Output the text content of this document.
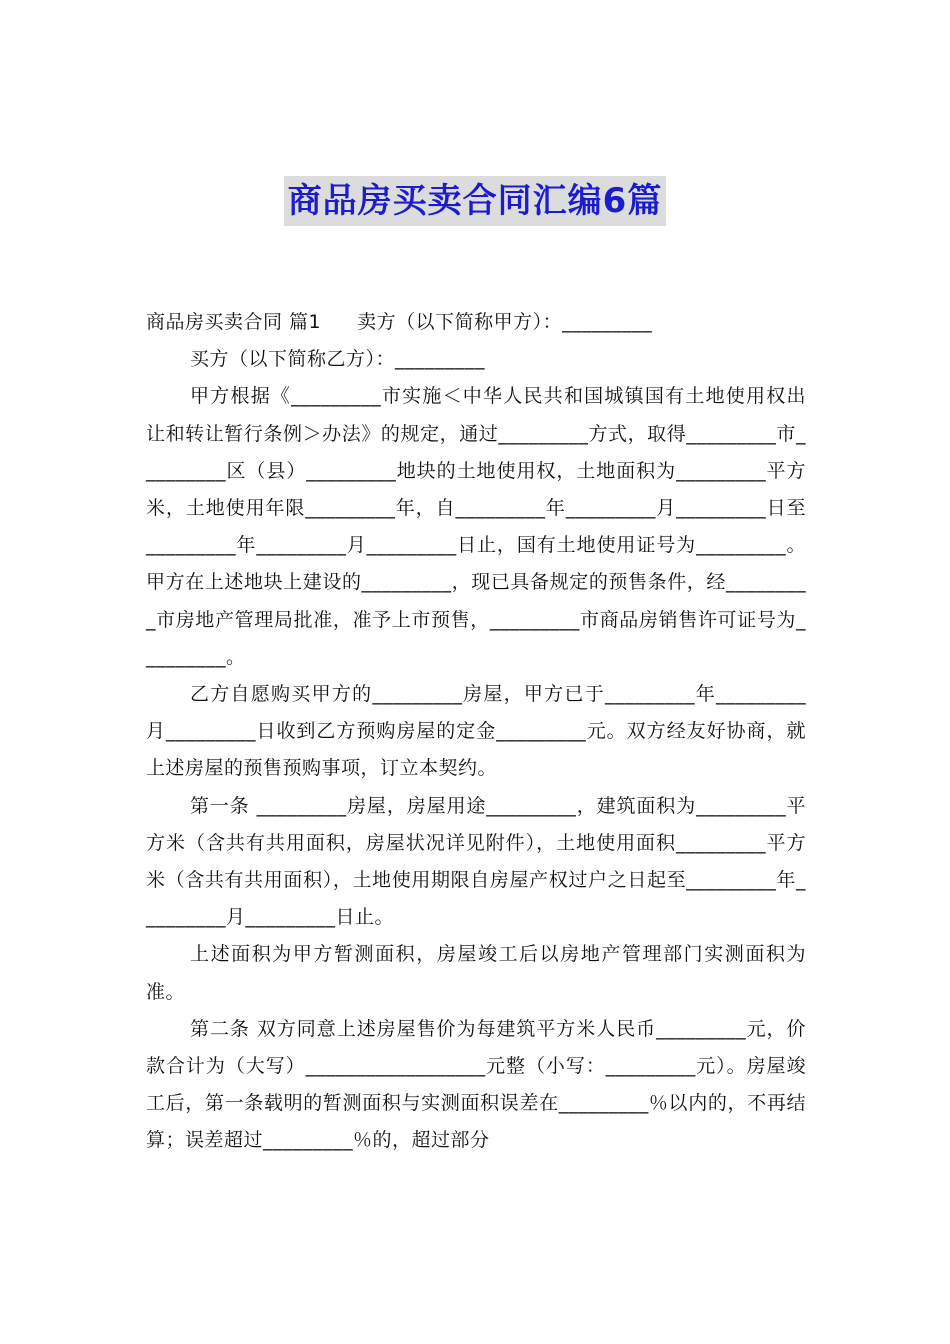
商品房买卖合同汇编6篇

商品房买卖合同 篇1 卖方（以下简称甲方）：_________

买方（以下简称乙方）：_________

甲方根据《_________市实施＜中华人民共和国城镇国有土地使用权出让和转让暂行条例＞办法》的规定，通过_________方式，取得_________市_________区（县）_________地块的土地使用权，土地面积为_________平方米，土地使用年限_________年，自_________年_________月_________日至_________年_________月_________日止，国有土地使用证号为_________。甲方在上述地块上建设的_________，现已具备规定的预售条件，经_________市房地产管理局批准，准予上市预售，_________市商品房销售许可证号为_________。

乙方自愿购买甲方的_________房屋，甲方已于_________年_________月_________日收到乙方预购房屋的定金_________元。双方经友好协商，就上述房屋的预售预购事项，订立本契约。

第一条 _________房屋，房屋用途_________，建筑面积为_________平方米（含共有共用面积，房屋状况详见附件），土地使用面积_________平方米（含共有共用面积），土地使用期限自房屋产权过户之日起至_________年_________月_________日止。

上述面积为甲方暂测面积，房屋竣工后以房地产管理部门实测面积为准。

第二条 双方同意上述房屋售价为每建筑平方米人民币_________元，价款合计为（大写）__________________元整（小写：_________元）。房屋竣工后，第一条载明的暂测面积与实测面积误差在_________％以内的，不再结算；误差超过_________％的，超过部分
